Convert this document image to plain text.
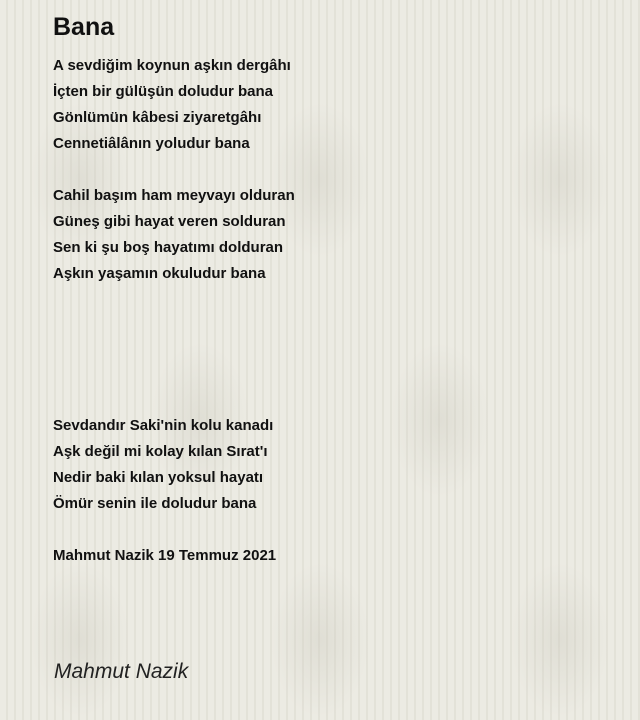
Bana
A sevdiğim koynun aşkın dergâhı
İçten bir gülüşün doludur bana
Gönlümün kâbesi ziyaretgâhı
Cennetiâlânın yoludur bana
Cahil başım ham meyvayı olduran
Güneş gibi hayat veren solduran
Sen ki şu boş hayatımı dolduran
Aşkın yaşamın okuludur bana
Sevdandır Saki'nin kolu kanadı
Aşk değil mi kolay kılan Sırat'ı
Nedir baki kılan yoksul hayatı
Ömür senin ile doludur bana
Mahmut Nazik 19 Temmuz 2021
Mahmut Nazik
